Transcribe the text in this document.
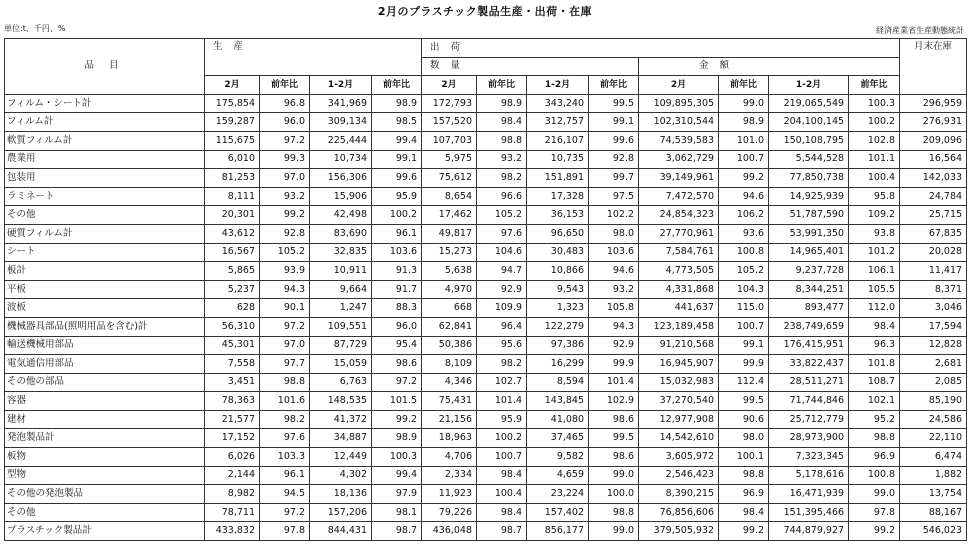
2月のプラスチック製品生産・出荷・在庫
単位:t、千円、%	経済産業省生産動態統計
品 目	生 産				出 荷								月末在庫
					数 量				金 額				
	2月	前年比	1-2月	前年比	2月	前年比	1-2月	前年比	2月	前年比	1-2月	前年比	
フィルム・シート計	175,854	96.8	341,969	98.9	172,793	98.9	343,240	99.5	109,895,305	99.0	219,065,549	100.3	296,959
フィルム計	159,287	96.0	309,134	98.5	157,520	98.4	312,757	99.1	102,310,544	98.9	204,100,145	100.2	276,931
軟質フィルム計	115,675	97.2	225,444	99.4	107,703	98.8	216,107	99.6	74,539,583	101.0	150,108,795	102.8	209,096
農業用	6,010	99.3	10,734	99.1	5,975	93.2	10,735	92.8	3,062,729	100.7	5,544,528	101.1	16,564
包装用	81,253	97.0	156,306	99.6	75,612	98.2	151,891	99.7	39,149,961	99.2	77,850,738	100.4	142,033
ラミネート	8,111	93.2	15,906	95.9	8,654	96.6	17,328	97.5	7,472,570	94.6	14,925,939	95.8	24,784
その他	20,301	99.2	42,498	100.2	17,462	105.2	36,153	102.2	24,854,323	106.2	51,787,590	109.2	25,715
硬質フィルム計	43,612	92.8	83,690	96.1	49,817	97.6	96,650	98.0	27,770,961	93.6	53,991,350	93.8	67,835
シート	16,567	105.2	32,835	103.6	15,273	104.6	30,483	103.6	7,584,761	100.8	14,965,401	101.2	20,028
板計	5,865	93.9	10,911	91.3	5,638	94.7	10,866	94.6	4,773,505	105.2	9,237,728	106.1	11,417
平板	5,237	94.3	9,664	91.7	4,970	92.9	9,543	93.2	4,331,868	104.3	8,344,251	105.5	8,371
波板	628	90.1	1,247	88.3	668	109.9	1,323	105.8	441,637	115.0	893,477	112.0	3,046
機械器具部品(照明用品を含む)計	56,310	97.2	109,551	96.0	62,841	96.4	122,279	94.3	123,189,458	100.7	238,749,659	98.4	17,594
輸送機械用部品	45,301	97.0	87,729	95.4	50,386	95.6	97,386	92.9	91,210,568	99.1	176,415,951	96.3	12,828
電気通信用部品	7,558	97.7	15,059	98.6	8,109	98.2	16,299	99.9	16,945,907	99.9	33,822,437	101.8	2,681
その他の部品	3,451	98.8	6,763	97.2	4,346	102.7	8,594	101.4	15,032,983	112.4	28,511,271	108.7	2,085
容器	78,363	101.6	148,535	101.5	75,431	101.4	143,845	102.9	37,270,540	99.5	71,744,846	102.1	85,190
建材	21,577	98.2	41,372	99.2	21,156	95.9	41,080	98.6	12,977,908	90.6	25,712,779	95.2	24,586
発泡製品計	17,152	97.6	34,887	98.9	18,963	100.2	37,465	99.5	14,542,610	98.0	28,973,900	98.8	22,110
板物	6,026	103.3	12,449	100.3	4,706	100.7	9,582	98.6	3,605,972	100.1	7,323,345	96.9	6,474
型物	2,144	96.1	4,302	99.4	2,334	98.4	4,659	99.0	2,546,423	98.8	5,178,616	100.8	1,882
その他の発泡製品	8,982	94.5	18,136	97.9	11,923	100.4	23,224	100.0	8,390,215	96.9	16,471,939	99.0	13,754
その他	78,711	97.2	157,206	98.1	79,226	98.4	157,402	98.8	76,856,606	98.4	151,395,466	97.8	88,167
プラスチック製品計	433,832	97.8	844,431	98.7	436,048	98.7	856,177	99.0	379,505,932	99.2	744,879,927	99.2	546,023
